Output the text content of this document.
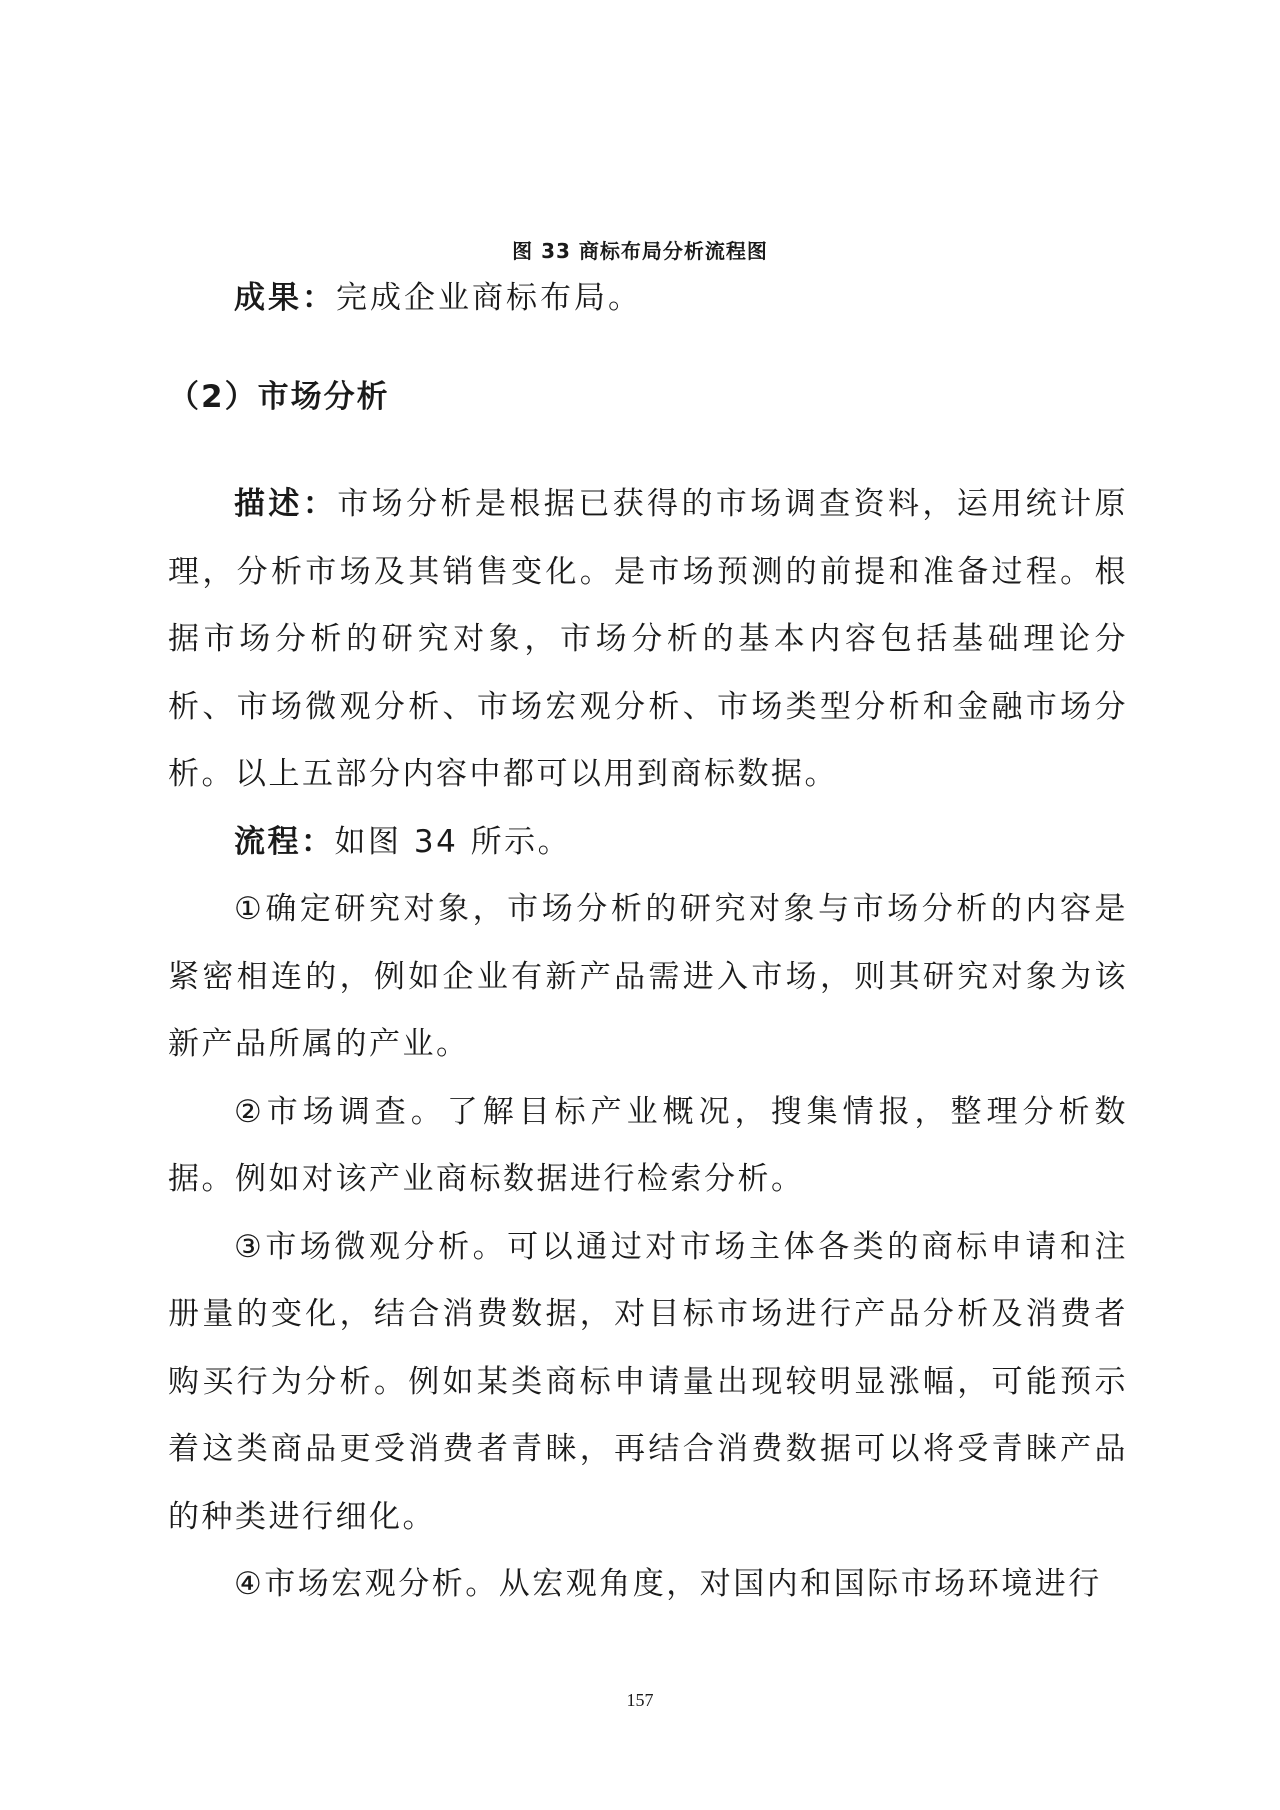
图 33 商标布局分析流程图
成果：完成企业商标布局。
（2）市场分析

描述：市场分析是根据已获得的市场调查资料，运用统计原理，分析市场及其销售变化。是市场预测的前提和准备过程。根据市场分析的研究对象，市场分析的基本内容包括基础理论分析、市场微观分析、市场宏观分析、市场类型分析和金融市场分析。以上五部分内容中都可以用到商标数据。

流程：如图 34 所示。

①确定研究对象，市场分析的研究对象与市场分析的内容是紧密相连的，例如企业有新产品需进入市场，则其研究对象为该新产品所属的产业。

②市场调查。了解目标产业概况，搜集情报，整理分析数据。例如对该产业商标数据进行检索分析。

③市场微观分析。可以通过对市场主体各类的商标申请和注册量的变化，结合消费数据，对目标市场进行产品分析及消费者购买行为分析。例如某类商标申请量出现较明显涨幅，可能预示着这类商品更受消费者青睐，再结合消费数据可以将受青睐产品的种类进行细化。

④市场宏观分析。从宏观角度，对国内和国际市场环境进行

157
